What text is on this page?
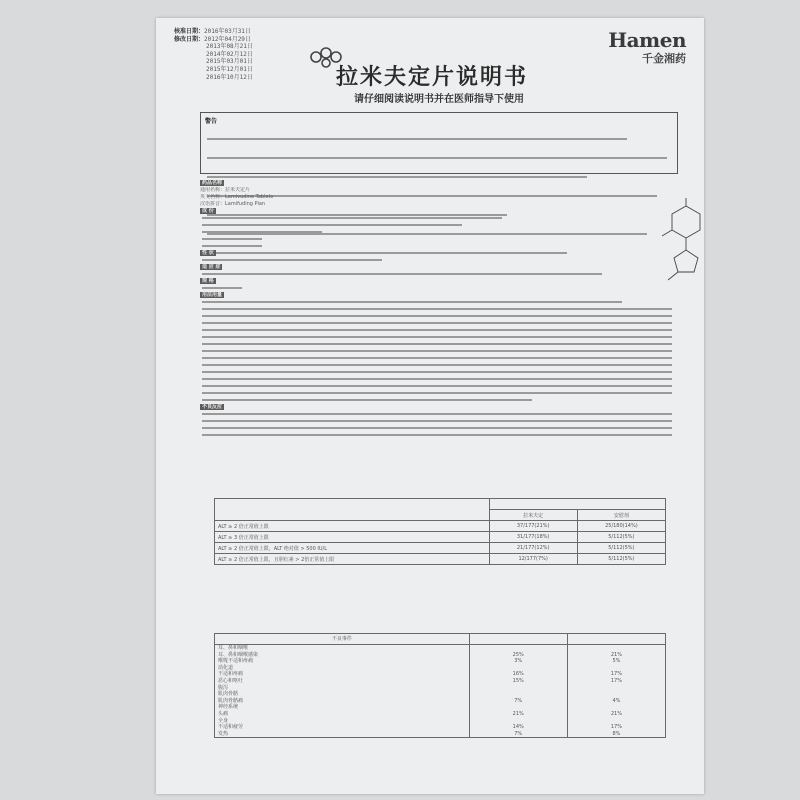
核准日期：2016年03月31日
修改日期：2012年04月29日
2013年08月21日
2014年02月12日
2015年03月01日
2015年12月01日
2016年10月12日
Hamen
千金湘药
拉米夫定片说明书
请仔细阅读说明书并在医师指导下使用
警告

药品名称
通用名称：拉米夫定片
英文名称：Lamivudine Tablets
汉语拼音：Lamifuding Pian
成 份
性 状
适 应 症
规 格
用法用量
不良反应

	拉米夫定	安慰剂
ALT ≥ 2 倍正常值上限	37/177(21%)	25/180(14%)
ALT ≥ 3 倍正常值上限	31/177(18%)	5/112(5%)
ALT ≥ 2 倍正常值上限，ALT 绝对值 > 500 IU/L	21/177(12%)	5/112(5%)
ALT ≥ 2 倍正常值上限，且胆红素 > 2倍正常值上限	12/177(7%)	5/112(5%)
不良事件		
耳、鼻和咽喉		
耳、鼻和咽喉感染	25%	21%
喉咙不适和疼痛	3%	5%
消化道		
不适和疼痛	16%	17%
恶心和呕吐	15%	17%
腹泻		
肌肉骨骼		
肌肉骨骼痛	7%	4%
神经系统		
头痛	21%	21%
全身		
不适和疲劳	14%	17%
发热	7%	8%
